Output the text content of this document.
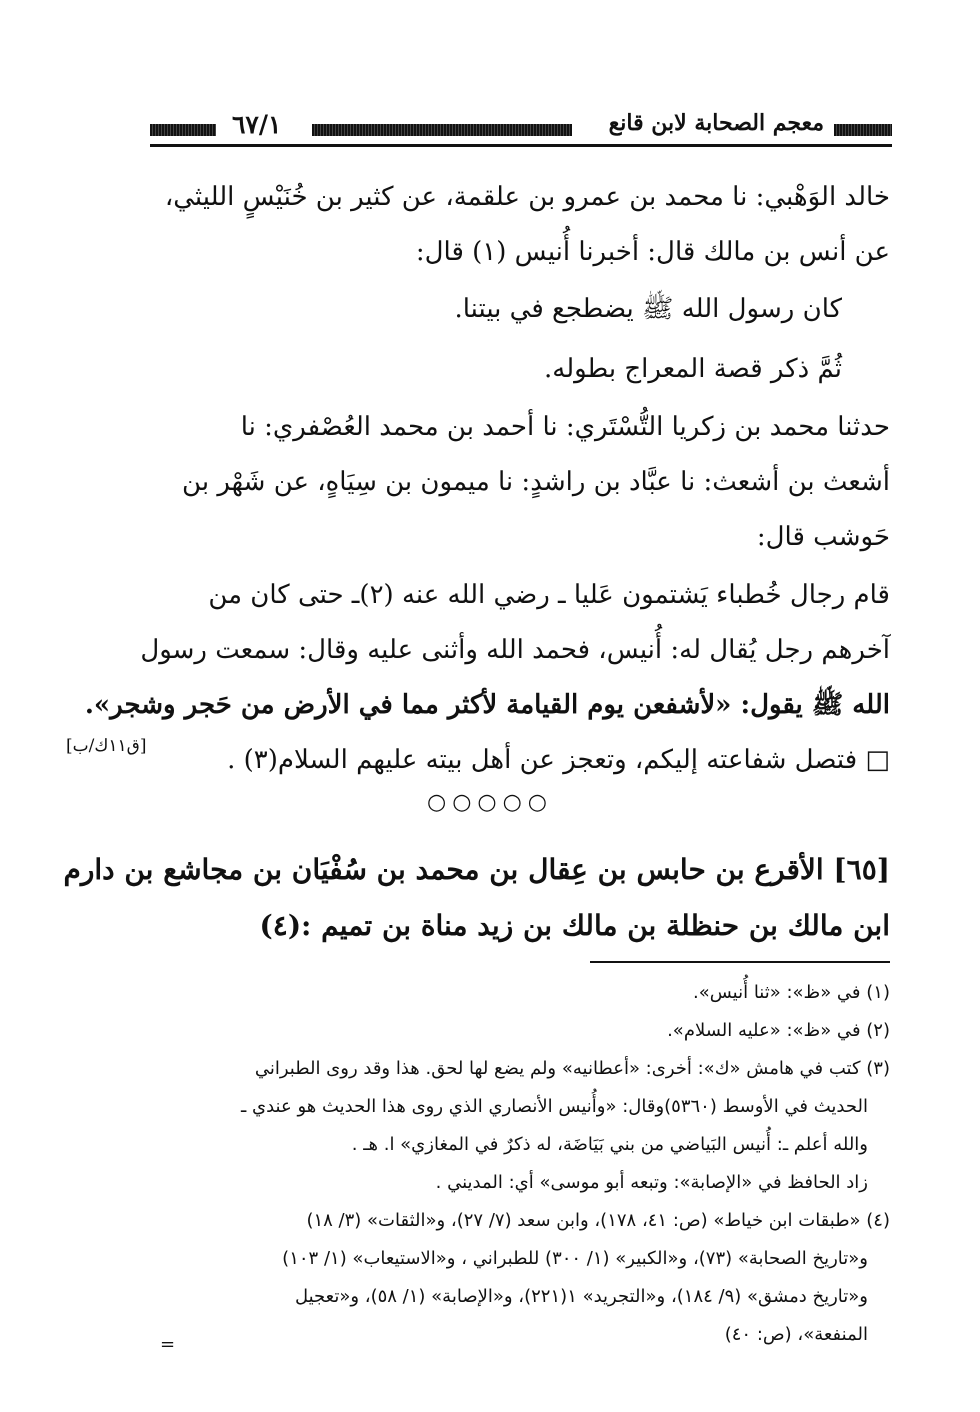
٦٧/١	معجم الصحابة لابن قانع
خالد الوَهْبي: نا محمد بن عمرو بن علقمة، عن كثير بن خُنَيْسٍ الليثي،
عن أنس بن مالك قال: أخبرنا أُنيس (١) قال:
كان رسول الله ﷺ يضطجع في بيتنا.
ثُمَّ ذكر قصة المعراج بطوله.
حدثنا محمد بن زكريا التُّسْتَري: نا أحمد بن محمد العُصْفري: نا
أشعث بن أشعث: نا عبَّاد بن راشدٍ: نا ميمون بن سِيَاهٍ، عن شَهْر بن
حَوشب قال:
قام رجال خُطباء يَشتمون عَليا ـ رضي الله عنه (٢)ـ حتى كان من
آخرهم رجل يُقال له: أُنيس، فحمد الله وأثنى عليه وقال: سمعت رسول
الله ﷺ يقول: «لأشفعن يوم القيامة لأكثر مما في الأرض من حَجر وشجر».
□ فتصل شفاعته إليكم، وتعجز عن أهل بيته عليهم السلام(٣) .
[ق١١ك/ب]
○○○○○
[٦٥] الأقرع بن حابس بن عِقال بن محمد بن سُفْيَان بن مجاشع بن دارم
ابن مالك بن حنظلة بن مالك بن زيد مناة بن تميم :(٤)
(١) في «ظ»: «ثنا أُنيس».
(٢) في «ظ»: «عليه السلام».
(٣) كتب في هامش «ك»: أخرى: «أعطانيه» ولم يضع لها لحق. هذا وقد روى الطبراني
الحديث في الأوسط (٥٣٦٠)وقال: «وأُنيس الأنصاري الذي روى هذا الحديث هو عندي ـ
والله أعلم ـ: أُنيس البَياضي من بني بَيَاضَة، له ذكرٌ في المغازي» ا. هـ .
زاد الحافظ في «الإصابة»: وتبعه أبو موسى» أي: المديني .
(٤) «طبقات ابن خياط» (ص: ٤١، ١٧٨)، وابن سعد (٧/ ٢٧)، و«الثقات» (٣/ ١٨)
و«تاريخ الصحابة» (٧٣)، و«الكبير» (١/ ٣٠٠) للطبراني ، و«الاستيعاب» (١/ ١٠٣)
و«تاريخ دمشق» (٩/ ١٨٤)، و«التجريد» ١(٢٢١)، و«الإصابة» (١/ ٥٨)، و«تعجيل
المنفعة»، (ص: ٤٠)
=
